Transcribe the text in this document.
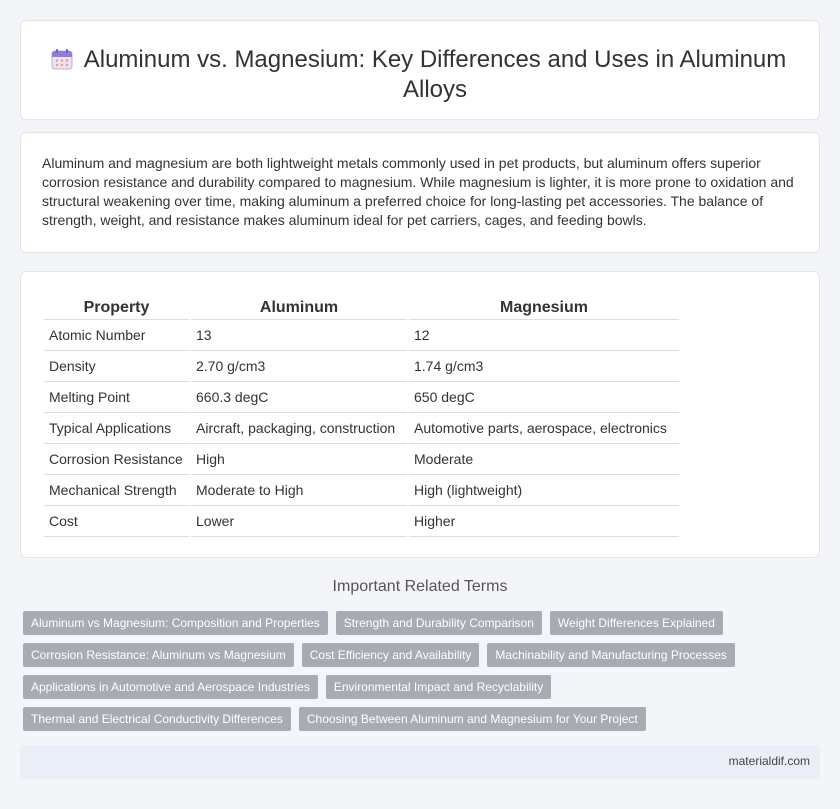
Aluminum vs. Magnesium: Key Differences and Uses in Aluminum Alloys

Aluminum and magnesium are both lightweight metals commonly used in pet products, but aluminum offers superior corrosion resistance and durability compared to magnesium. While magnesium is lighter, it is more prone to oxidation and structural weakening over time, making aluminum a preferred choice for long-lasting pet accessories. The balance of strength, weight, and resistance makes aluminum ideal for pet carriers, cages, and feeding bowls.

Property	Aluminum	Magnesium
Atomic Number	13	12
Density	2.70 g/cm3	1.74 g/cm3
Melting Point	660.3 degC	650 degC
Typical Applications	Aircraft, packaging, construction	Automotive parts, aerospace, electronics
Corrosion Resistance	High	Moderate
Mechanical Strength	Moderate to High	High (lightweight)
Cost	Lower	Higher
Important Related Terms
Aluminum vs Magnesium: Composition and Properties	Strength and Durability Comparison	Weight Differences Explained
Corrosion Resistance: Aluminum vs Magnesium	Cost Efficiency and Availability	Machinability and Manufacturing Processes
Applications in Automotive and Aerospace Industries	Environmental Impact and Recyclability
Thermal and Electrical Conductivity Differences	Choosing Between Aluminum and Magnesium for Your Project
materialdif.com
